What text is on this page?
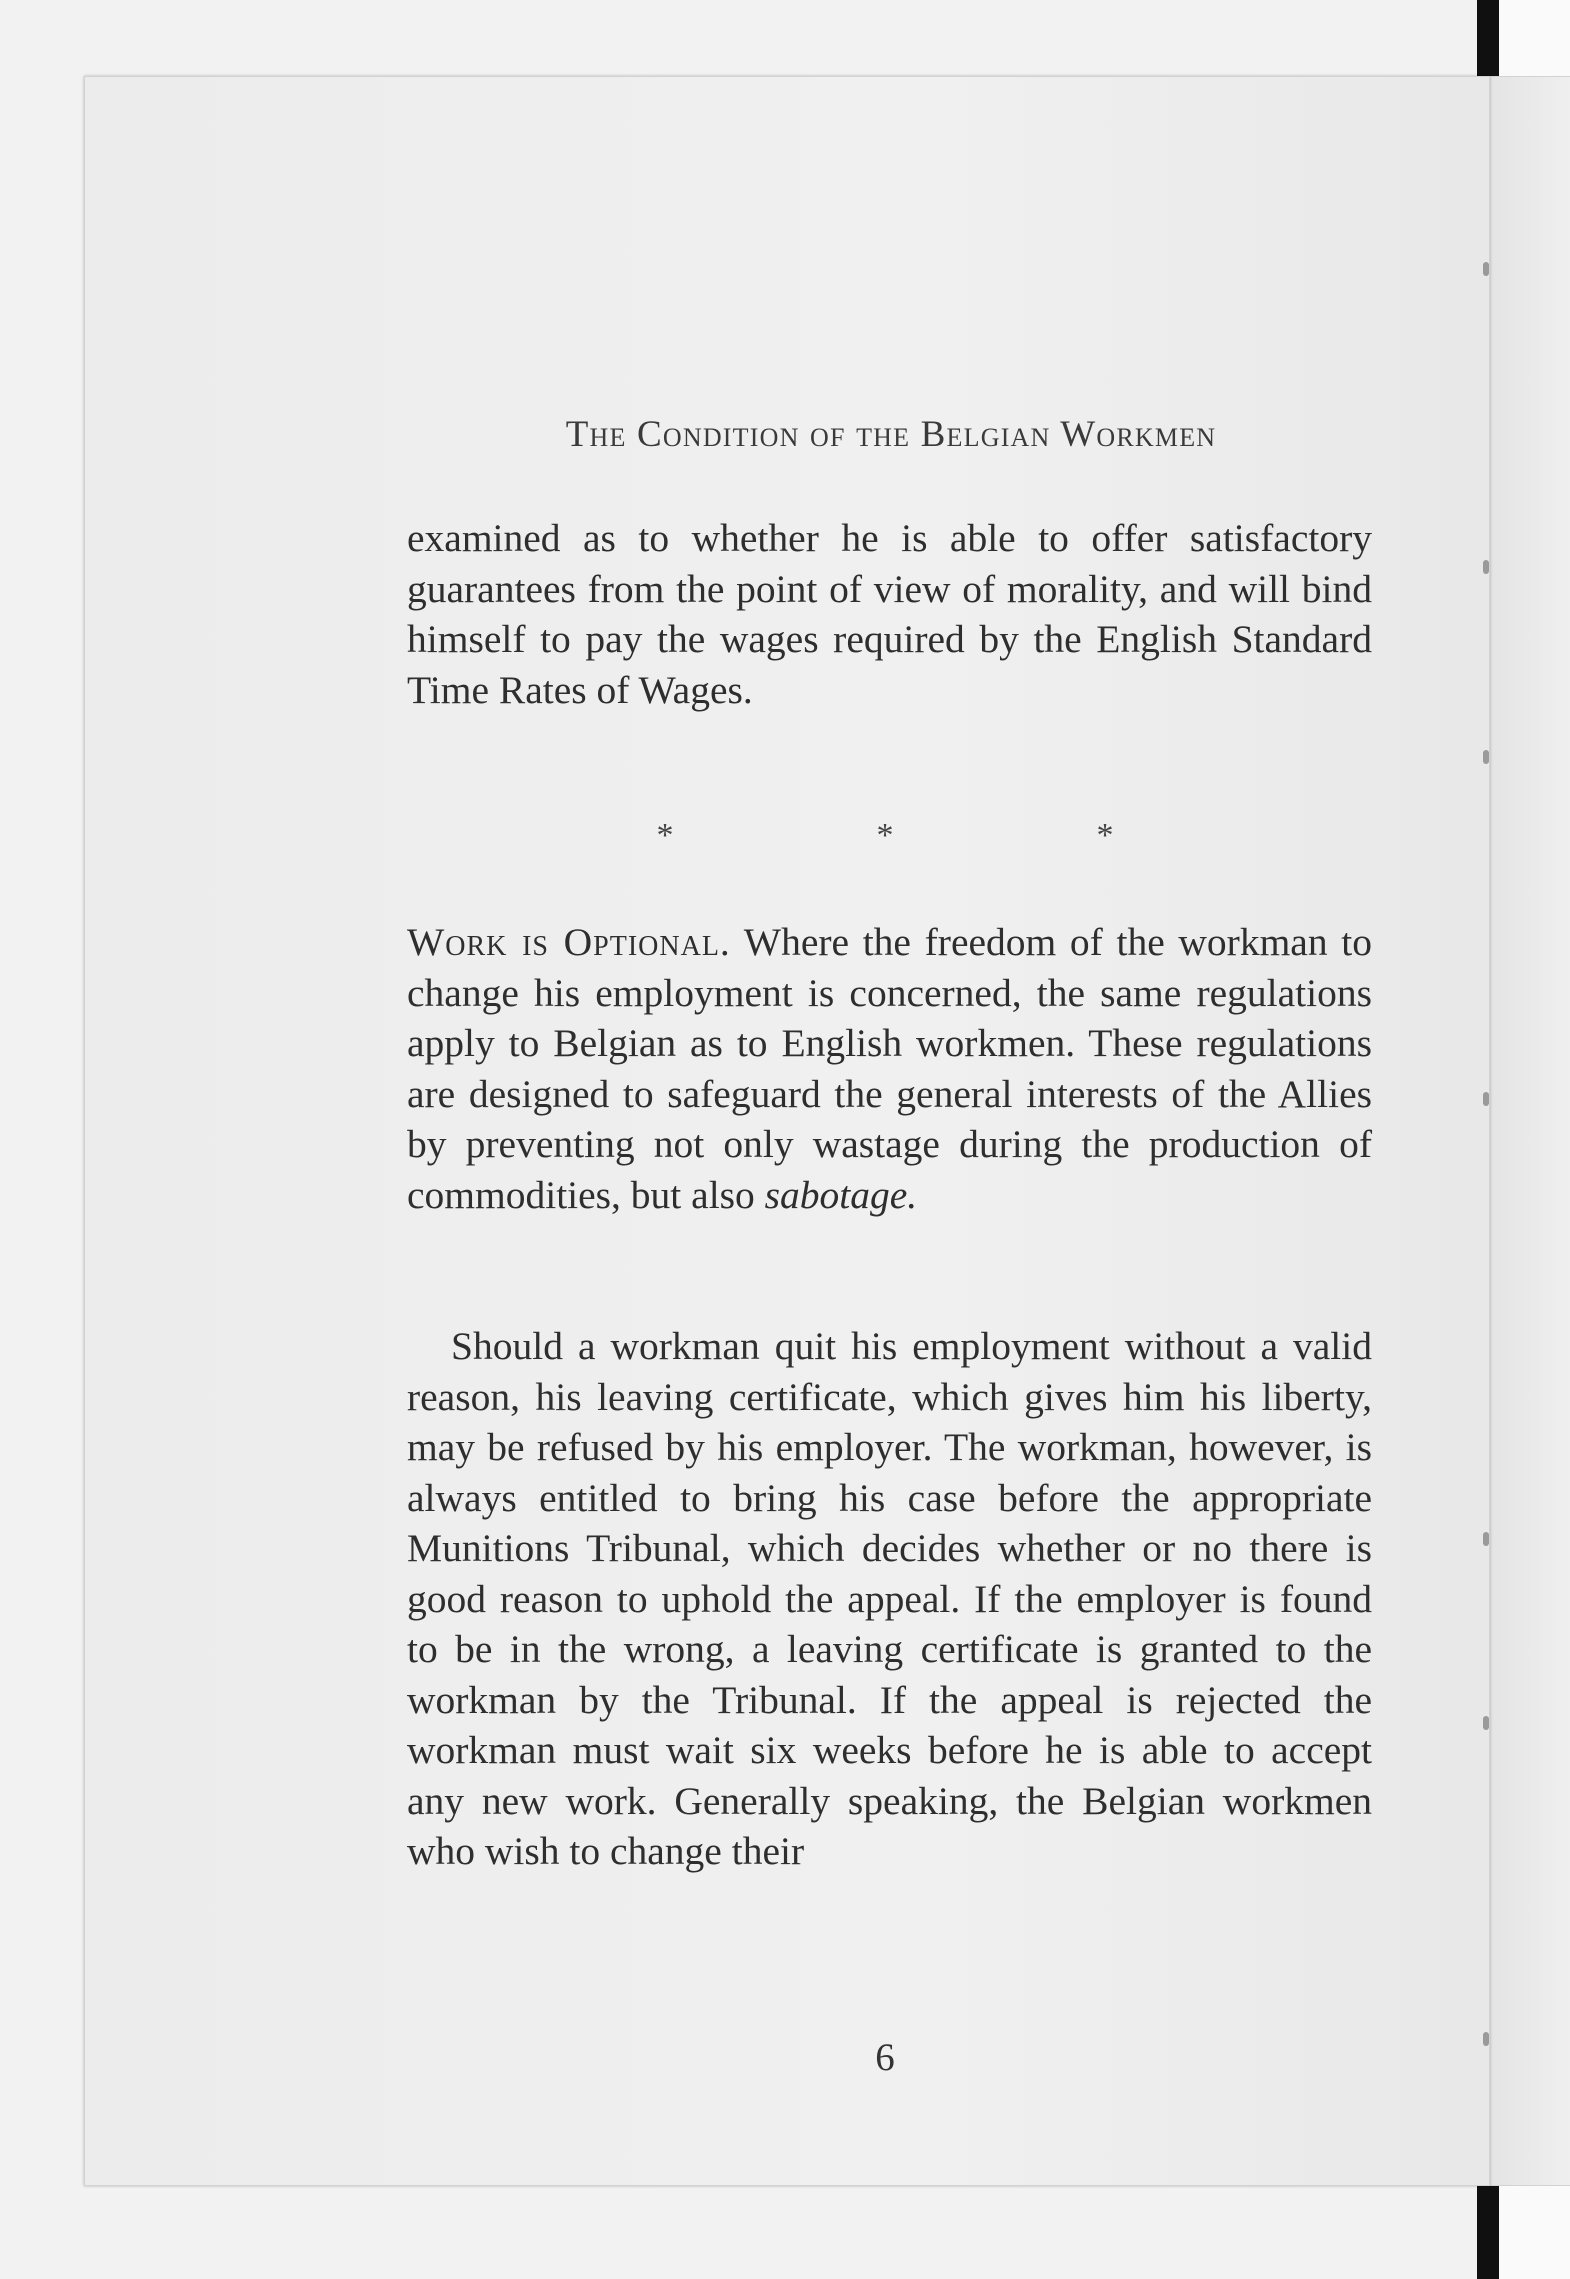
The Condition of the Belgian Workmen

examined as to whether he is able to offer satisfactory guarantees from the point of view of morality, and will bind himself to pay the wages required by the English Standard Time Rates of Wages.

Work is Optional. Where the freedom of the workman to change his employment is concerned, the same regulations apply to Belgian as to English workmen. These regulations are designed to safeguard the general interests of the Allies by preventing not only wastage during the production of commodities, but also sabotage.

Should a workman quit his employment without a valid reason, his leaving certificate, which gives him his liberty, may be refused by his employer. The workman, however, is always entitled to bring his case before the appropriate Munitions Tribunal, which decides whether or no there is good reason to uphold the appeal. If the employer is found to be in the wrong, a leaving certificate is granted to the workman by the Tribunal. If the appeal is rejected the workman must wait six weeks before he is able to accept any new work. Generally speaking, the Belgian workmen who wish to change their

*	*	*
6
